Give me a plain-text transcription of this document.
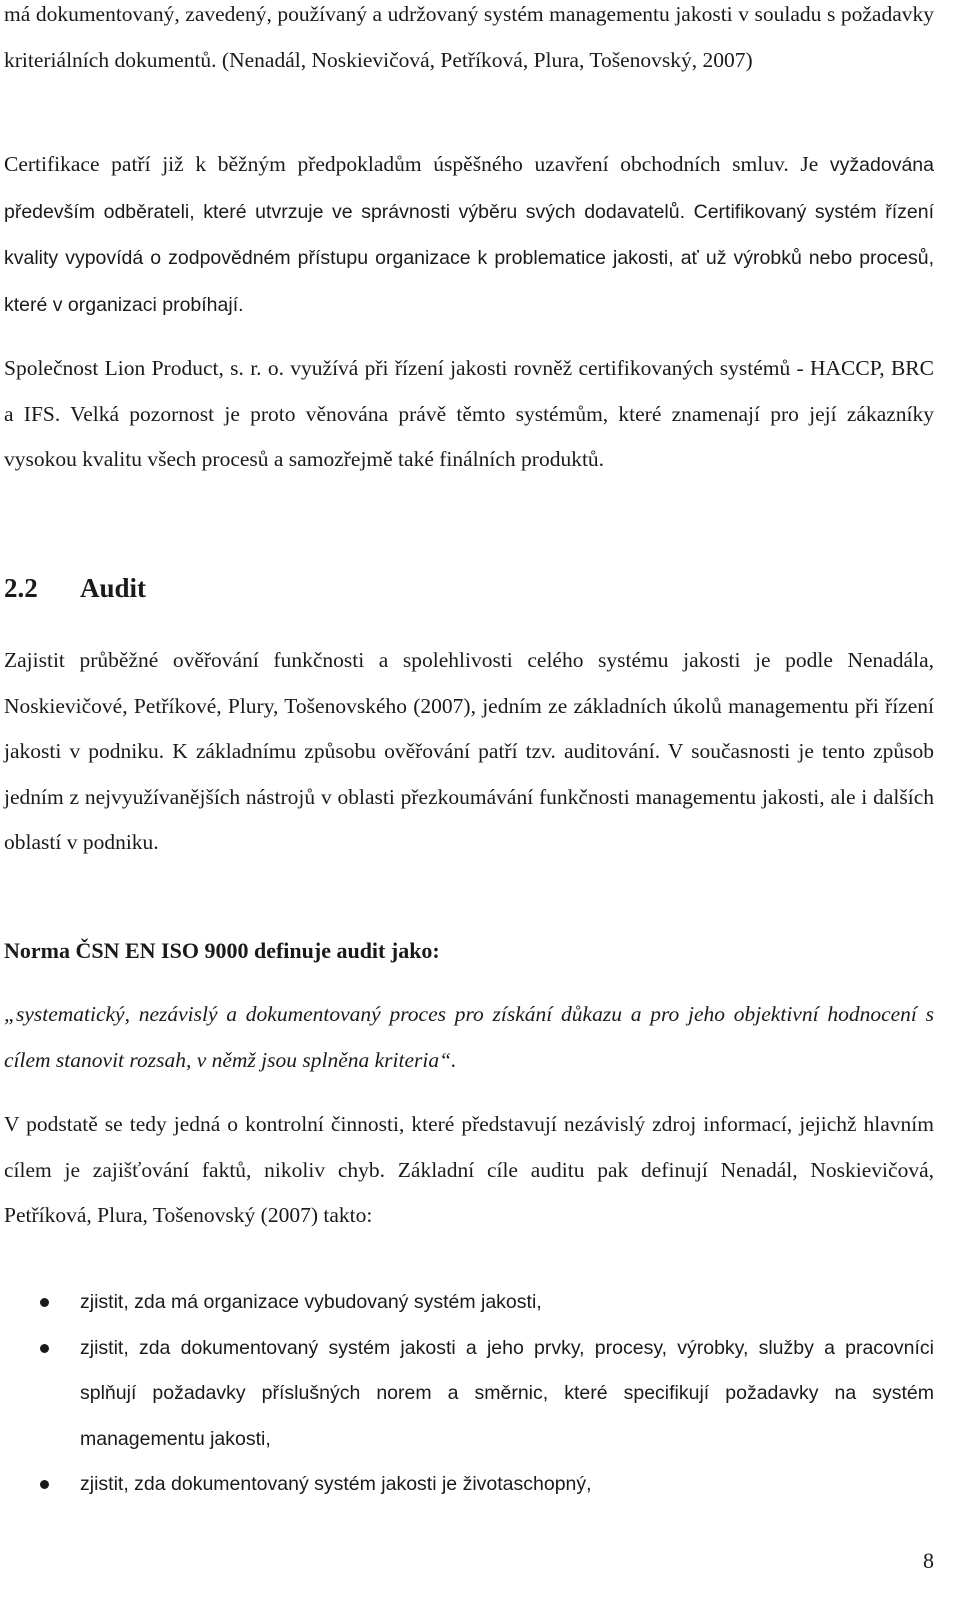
má dokumentovaný, zavedený, používaný a udržovaný systém managementu jakosti v souladu s požadavky kriteriálních dokumentů. (Nenadál, Noskievičová, Petříková, Plura, Tošenovský, 2007)

Certifikace patří již k běžným předpokladům úspěšného uzavření obchodních smluv. Je vyžadována především odběrateli, které utvrzuje ve správnosti výběru svých dodavatelů. Certifikovaný systém řízení kvality vypovídá o zodpovědném přístupu organizace k problematice jakosti, ať už výrobků nebo procesů, které v organizaci probíhají.

Společnost Lion Product, s. r. o. využívá při řízení jakosti rovněž certifikovaných systémů - HACCP, BRC a IFS. Velká pozornost je proto věnována právě těmto systémům, které znamenají pro její zákazníky vysokou kvalitu všech procesů a samozřejmě také finálních produktů.

2.2 Audit

Zajistit průběžné ověřování funkčnosti a spolehlivosti celého systému jakosti je podle Nenadála, Noskievičové, Petříkové, Plury, Tošenovského (2007), jedním ze základních úkolů managementu při řízení jakosti v podniku. K základnímu způsobu ověřování patří tzv. auditování. V současnosti je tento způsob jedním z nejvyužívanějších nástrojů v oblasti přezkoumávání funkčnosti managementu jakosti, ale i dalších oblastí v podniku.

Norma ČSN EN ISO 9000 definuje audit jako:

„systematický, nezávislý a dokumentovaný proces pro získání důkazu a pro jeho objektivní hodnocení s cílem stanovit rozsah, v němž jsou splněna kriteria“.

V podstatě se tedy jedná o kontrolní činnosti, které představují nezávislý zdroj informací, jejichž hlavním cílem je zajišťování faktů, nikoliv chyb. Základní cíle auditu pak definují Nenadál, Noskievičová, Petříková, Plura, Tošenovský (2007) takto:

zjistit, zda má organizace vybudovaný systém jakosti,
zjistit, zda dokumentovaný systém jakosti a jeho prvky, procesy, výrobky, služby a pracovníci splňují požadavky příslušných norem a směrnic, které specifikují požadavky na systém managementu jakosti,
zjistit, zda dokumentovaný systém jakosti je životaschopný,
8
